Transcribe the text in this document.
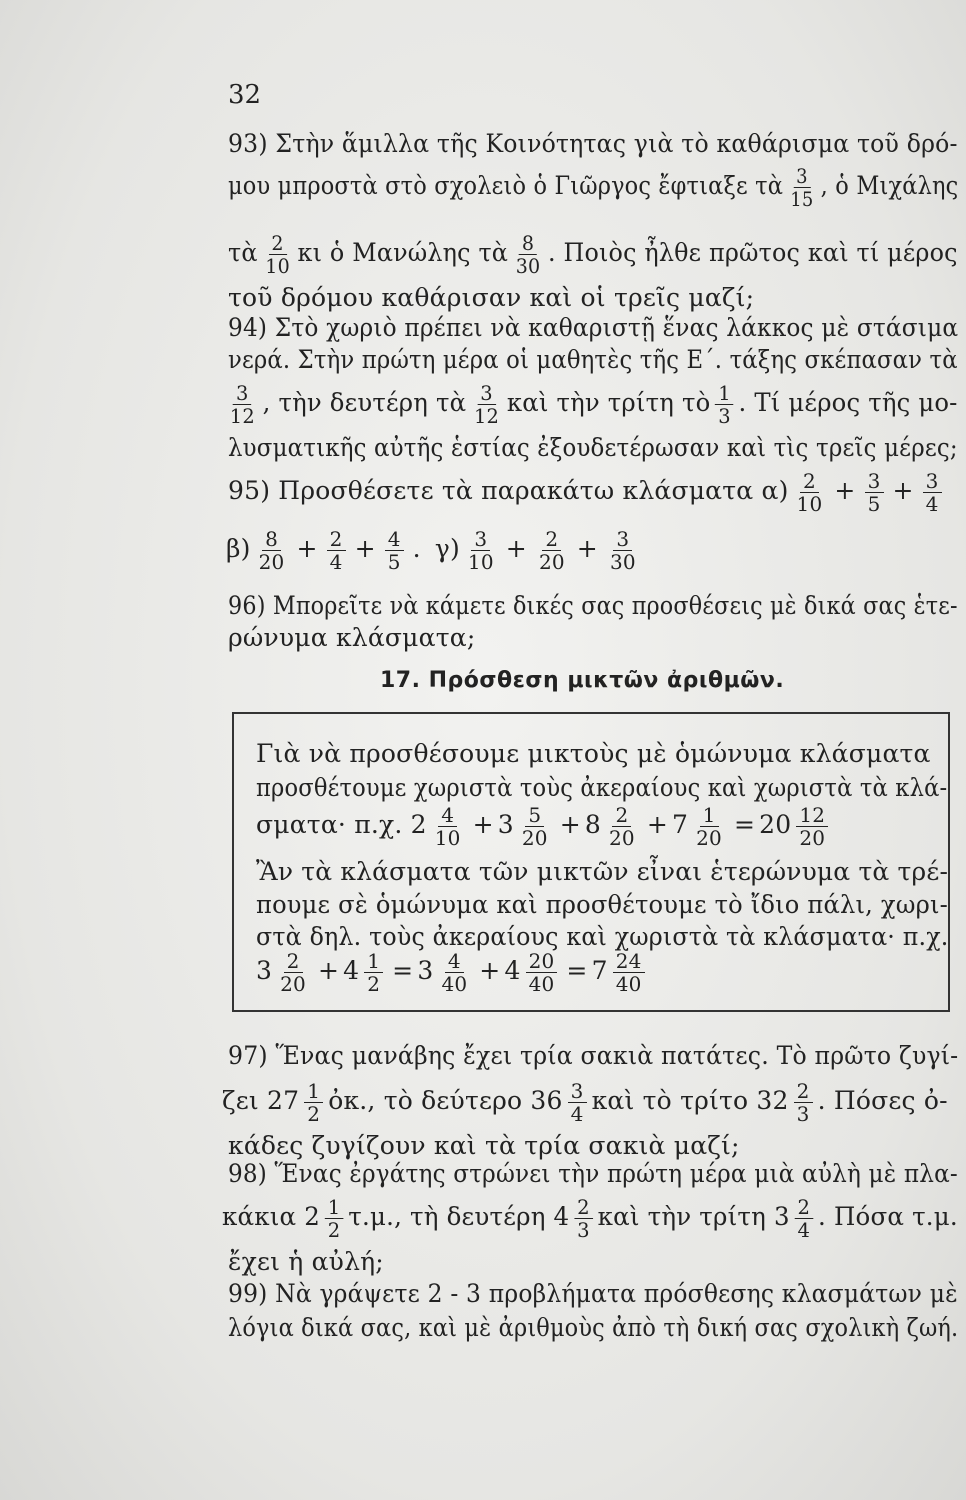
32
93) Στὴν ἅμιλλα τῆς Κοινότητας γιὰ τὸ καθάρισμα τοῦ δρό-
μου μπροστὰ στὸ σχολειὸ ὁ Γιῶργος ἔφτιαξε τὰ $\frac{3}{15}$ , ὁ Μιχάλης
τὰ $\frac{2}{10}$ κι ὁ Μανώλης τὰ $\frac{8}{30}$ . Ποιὸς ἦλθε πρῶτος καὶ τί μέρος
τοῦ δρόμου καθάρισαν καὶ οἱ τρεῖς μαζί;
94) Στὸ χωριὸ πρέπει νὰ καθαριστῇ ἕνας λάκκος μὲ στάσιμα
νερά. Στὴν πρώτη μέρα οἱ μαθητὲς τῆς Ε΄. τάξης σκέπασαν τὰ
$\frac{3}{12}$ , τὴν δευτέρη τὰ $\frac{3}{12}$ καὶ τὴν τρίτη τὸ $\frac{1}{3}$ . Τί μέρος τῆς μο-
λυσματικῆς αὐτῆς ἑστίας ἐξουδετέρωσαν καὶ τὶς τρεῖς μέρες;
95) Προσθέσετε τὰ παρακάτω κλάσματα $\alpha) \frac{2}{10} + \frac{3}{5} + \frac{3}{4}$
$\beta) \frac{8}{20} + \frac{2}{4} + \frac{4}{5}$ . $\gamma) \frac{3}{10} + \frac{2}{20} + \frac{3}{30}$
96) Μπορεῖτε νὰ κάμετε δικές σας προσθέσεις μὲ δικά σας ἑτε-
ρώνυμα κλάσματα;
17. Πρόσθεση μικτῶν ἀριθμῶν.
Γιὰ νὰ προσθέσουμε μικτοὺς μὲ ὁμώνυμα κλάσματα
προσθέτουμε χωριστὰ τοὺς ἀκεραίους καὶ χωριστὰ τὰ κλά-
σματα· π.χ. $2 \frac{4}{10} + 3 \frac{5}{20} + 8 \frac{2}{20} + 7 \frac{1}{20} = 20 \frac{12}{20}$
Ἂν τὰ κλάσματα τῶν μικτῶν εἶναι ἑτερώνυμα τὰ τρέ-
πουμε σὲ ὁμώνυμα καὶ προσθέτουμε τὸ ἴδιο πάλι, χωρι-
στὰ δηλ. τοὺς ἀκεραίους καὶ χωριστὰ τὰ κλάσματα· π.χ.
$3 \frac{2}{20} + 4 \frac{1}{2} = 3 \frac{4}{40} + 4 \frac{20}{40} = 7 \frac{24}{40}$
97) Ἕνας μανάβης ἔχει τρία σακιὰ πατάτες. Τὸ πρῶτο ζυγί-
ζει $27 \frac{1}{2}$ ὀκ., τὸ δεύτερο $36 \frac{3}{4}$ καὶ τὸ τρίτο $32 \frac{2}{3}$ . Πόσες ὀ-
κάδες ζυγίζουν καὶ τὰ τρία σακιὰ μαζί;
98) Ἕνας ἐργάτης στρώνει τὴν πρώτη μέρα μιὰ αὐλὴ μὲ πλα-
κάκια $2 \frac{1}{2} \tau.\mu$., τὴ δευτέρη $4 \frac{2}{3}$ καὶ τὴν τρίτη $3 \frac{2}{4}$ . Πόσα τ.μ.
ἔχει ἡ αὐλή;
99) Νὰ γράψετε 2 - 3 προβλήματα πρόσθεσης κλασμάτων μὲ
λόγια δικά σας, καὶ μὲ ἀριθμοὺς ἀπὸ τὴ δική σας σχολικὴ ζωή.
